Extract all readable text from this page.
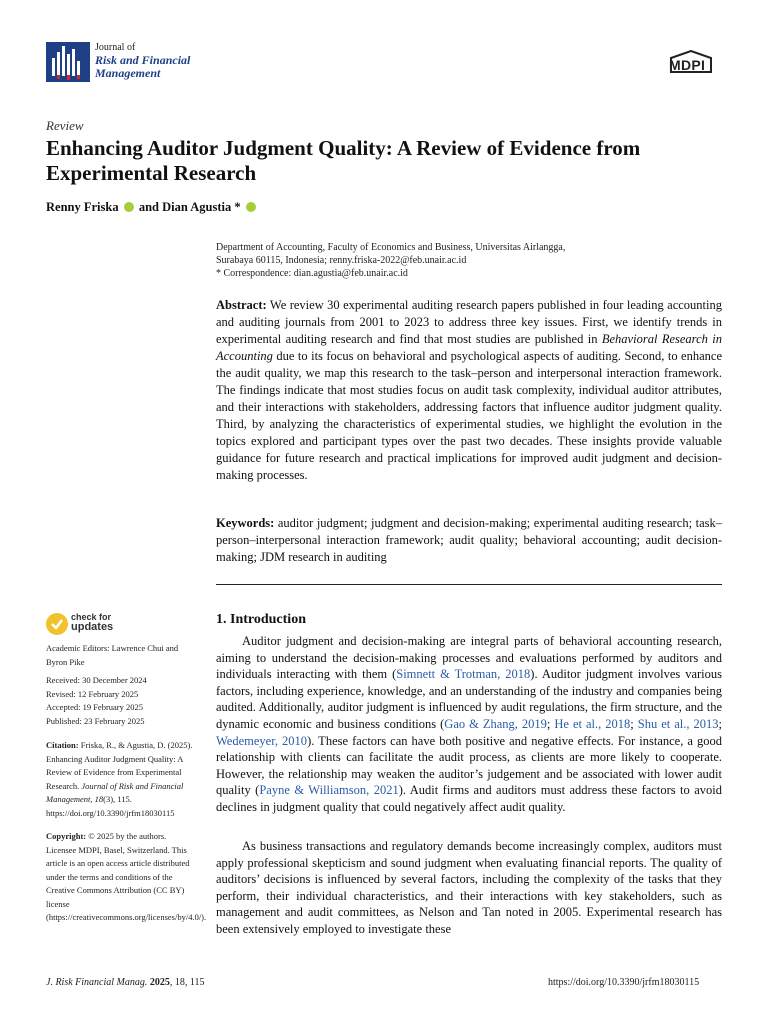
Journal of
Risk and Financial
Management	MDPI
Review
Enhancing Auditor Judgment Quality: A Review of Evidence from Experimental Research
Renny Friska and Dian Agustia *
Department of Accounting, Faculty of Economics and Business, Universitas Airlangga,
Surabaya 60115, Indonesia; renny.friska-2022@feb.unair.ac.id
* Correspondence: dian.agustia@feb.unair.ac.id
Abstract: We review 30 experimental auditing research papers published in four leading accounting and auditing journals from 2001 to 2023 to address three key issues. First, we identify trends in experimental auditing research and find that most studies are published in Behavioral Research in Accounting due to its focus on behavioral and psychological aspects of auditing. Second, to enhance the audit quality, we map this research to the task–person and interpersonal interaction framework. The findings indicate that most studies focus on audit task complexity, individual auditor attributes, and their interactions with stakeholders, addressing factors that influence auditor judgment quality. Third, by analyzing the characteristics of experimental studies, we highlight the evolution in the topics explored and participant types over the past two decades. These insights provide valuable guidance for future research and practical implications for improved audit judgment and decision-making processes.
Keywords: auditor judgment; judgment and decision-making; experimental auditing research; task–person–interpersonal interaction framework; audit quality; behavioral accounting; audit decision-making; JDM research in auditing
check for
updates
Academic Editors: Lawrence Chui and Byron Pike
Received: 30 December 2024
Revised: 12 February 2025
Accepted: 19 February 2025
Published: 23 February 2025
Citation: Friska, R., & Agustia, D. (2025). Enhancing Auditor Judgment Quality: A Review of Evidence from Experimental Research. Journal of Risk and Financial Management, 18(3), 115. https://doi.org/10.3390/jrfm18030115
Copyright: © 2025 by the authors. Licensee MDPI, Basel, Switzerland. This article is an open access article distributed under the terms and conditions of the Creative Commons Attribution (CC BY) license (https://creativecommons.org/licenses/by/4.0/).
1. Introduction
Auditor judgment and decision-making are integral parts of behavioral accounting research, aiming to understand the decision-making processes and evaluations performed by auditors and individuals interacting with them (Simnett & Trotman, 2018). Auditor judgment involves various factors, including experience, knowledge, and an understanding of the industry and companies being audited. Additionally, auditor judgment is influenced by audit regulations, the firm structure, and the dynamic economic and business conditions (Gao & Zhang, 2019; He et al., 2018; Shu et al., 2013; Wedemeyer, 2010). These factors can have both positive and negative effects. For instance, a good relationship with clients can facilitate the audit process, as clients are more likely to cooperate. However, the relationship may weaken the auditor’s judgement and be associated with lower audit quality (Payne & Williamson, 2021). Audit firms and auditors must address these factors to avoid declines in judgment quality that could negatively affect audit quality.
As business transactions and regulatory demands become increasingly complex, auditors must apply professional skepticism and sound judgment when evaluating financial reports. The quality of auditors’ decisions is influenced by several factors, including the complexity of the tasks that they perform, their individual characteristics, and their interactions with key stakeholders, such as management and audit committees, as Nelson and Tan noted in 2005. Experimental research has been extensively employed to investigate these
J. Risk Financial Manag. 2025, 18, 115	https://doi.org/10.3390/jrfm18030115
